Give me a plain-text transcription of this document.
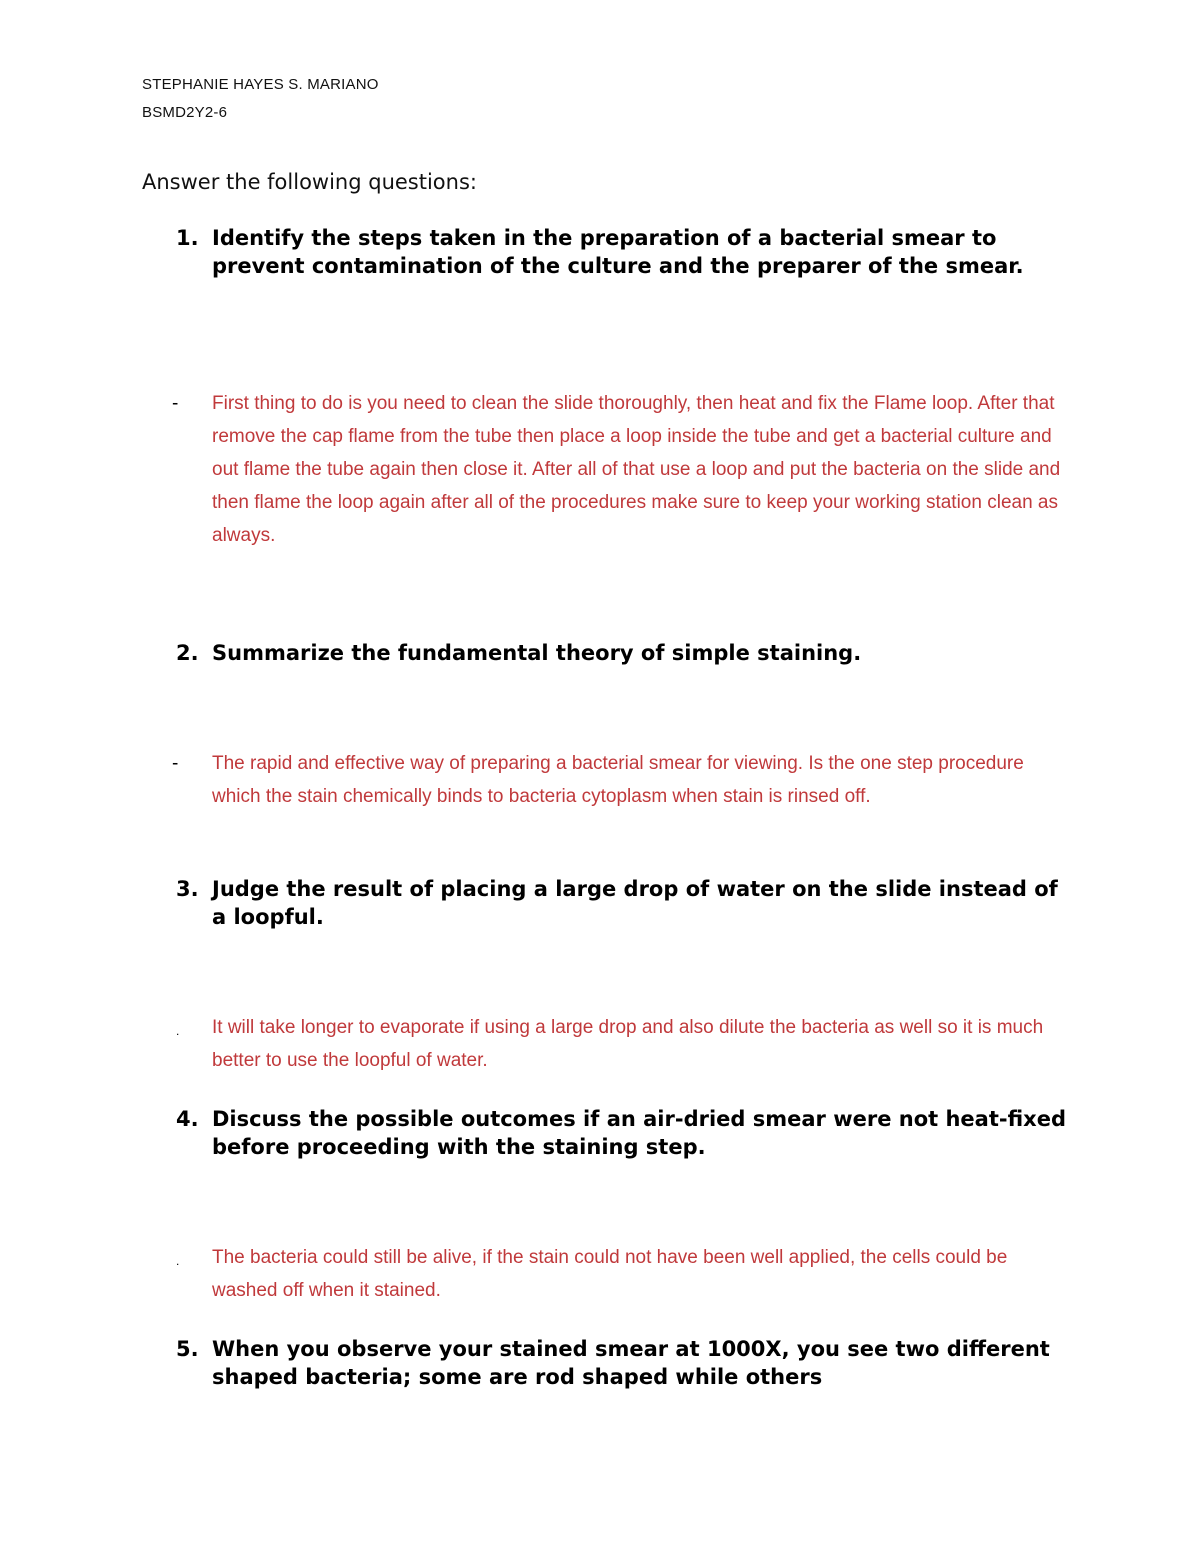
STEPHANIE HAYES S. MARIANO
BSMD2Y2-6
Answer the following questions:
1. Identify the steps taken in the preparation of a bacterial smear to prevent contamination of the culture and the preparer of the smear.
-	First thing to do is you need to clean the slide thoroughly, then heat and fix the Flame loop. After that remove the cap flame from the tube then place a loop inside the tube and get a bacterial culture and out flame the tube again then close it. After all of that use a loop and put the bacteria on the slide and then flame the loop again after all of the procedures make sure to keep your working station clean as always.
2. Summarize the fundamental theory of simple staining.
-	The rapid and effective way of preparing a bacterial smear for viewing. Is the one step procedure which the stain chemically binds to bacteria cytoplasm when stain is rinsed off.
3. Judge the result of placing a large drop of water on the slide instead of a loopful.
.	It will take longer to evaporate if using a large drop and also dilute the bacteria as well so it is much better to use the loopful of water.
4. Discuss the possible outcomes if an air-dried smear were not heat-fixed before proceeding with the staining step.
.	The bacteria could still be alive, if the stain could not have been well applied, the cells could be washed off when it stained.
5. When you observe your stained smear at 1000X, you see two different shaped bacteria; some are rod shaped while others
